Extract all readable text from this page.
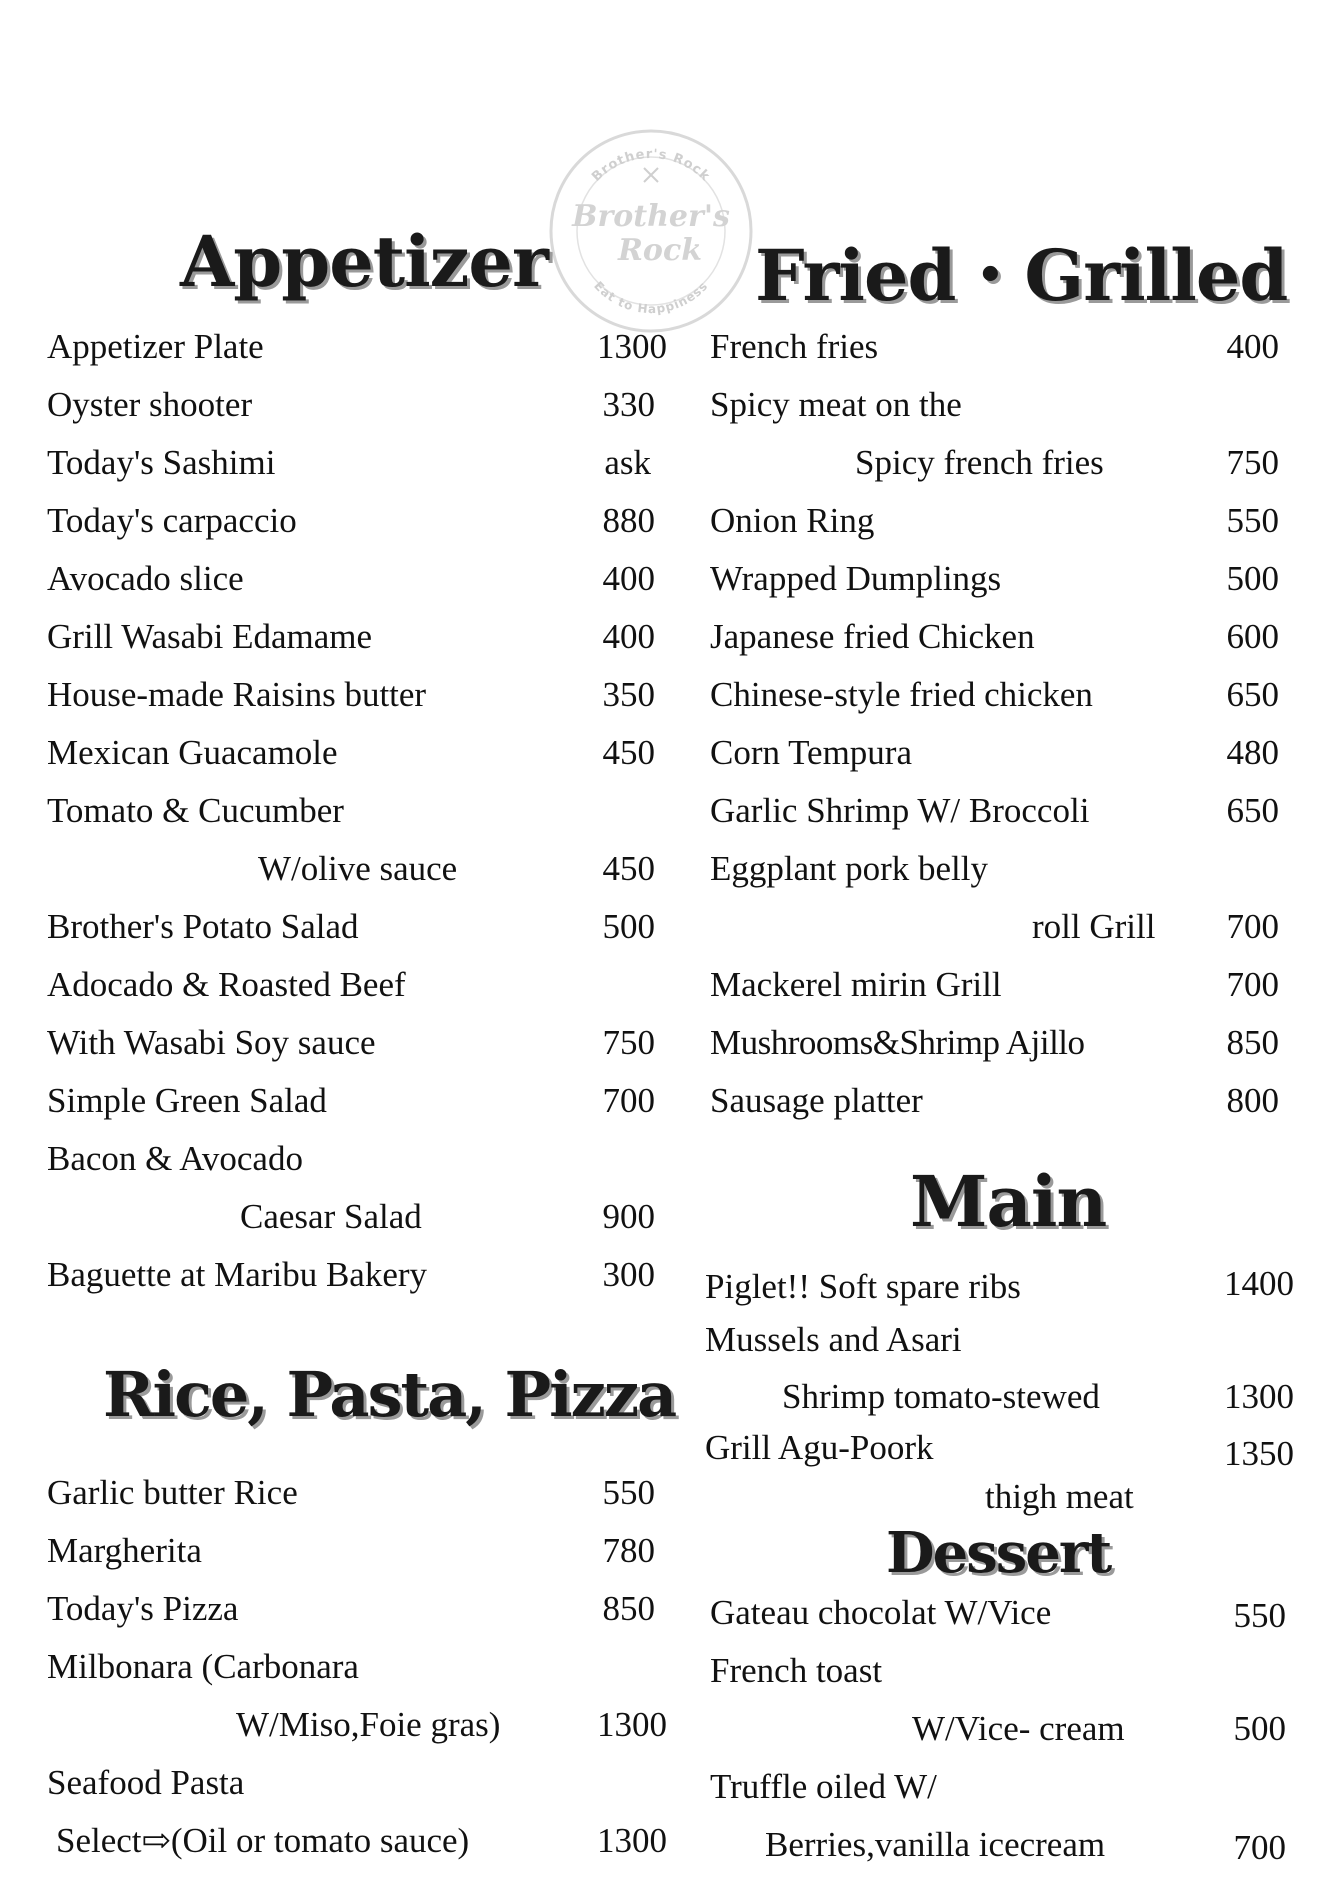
Brother's Rock
Eat to Happiness
Brother's
Rock
Appetizer	Fried・Grilled
Rice, Pasta, Pizza
Main
Dessert
Appetizer Plate	1300
Oyster shooter	330
Today's Sashimi	ask
Today's carpaccio	880
Avocado slice	400
Grill Wasabi Edamame	400
House-made Raisins butter	350
Mexican Guacamole	450
Tomato & Cucumber
W/olive sauce	450
Brother's Potato Salad	500
Adocado & Roasted Beef
With Wasabi Soy sauce	750
Simple Green Salad	700
Bacon & Avocado
Caesar Salad	900
Baguette at Maribu Bakery	300
Garlic butter Rice	550
Margherita	780
Today's Pizza	850
Milbonara (Carbonara
W/Miso,Foie gras)	1300
Seafood Pasta
Select⇨(Oil or tomato sauce)	1300
French fries	400
Spicy meat on the
Spicy french fries	750
Onion Ring	550
Wrapped Dumplings	500
Japanese fried Chicken	600
Chinese-style fried chicken	650
Corn Tempura	480
Garlic Shrimp W/ Broccoli	650
Eggplant pork belly
roll Grill 700
Mackerel mirin Grill	700
Mushrooms&Shrimp Ajillo	850
Sausage platter	800
Piglet!! Soft spare ribs	1400
Mussels and Asari
Shrimp tomato-stewed	1300
Grill Agu-Poork	1350
thigh meat
Gateau chocolat W/Vice	550
French toast
W/Vice- cream	500
Truffle oiled W/
Berries,vanilla icecream	700
